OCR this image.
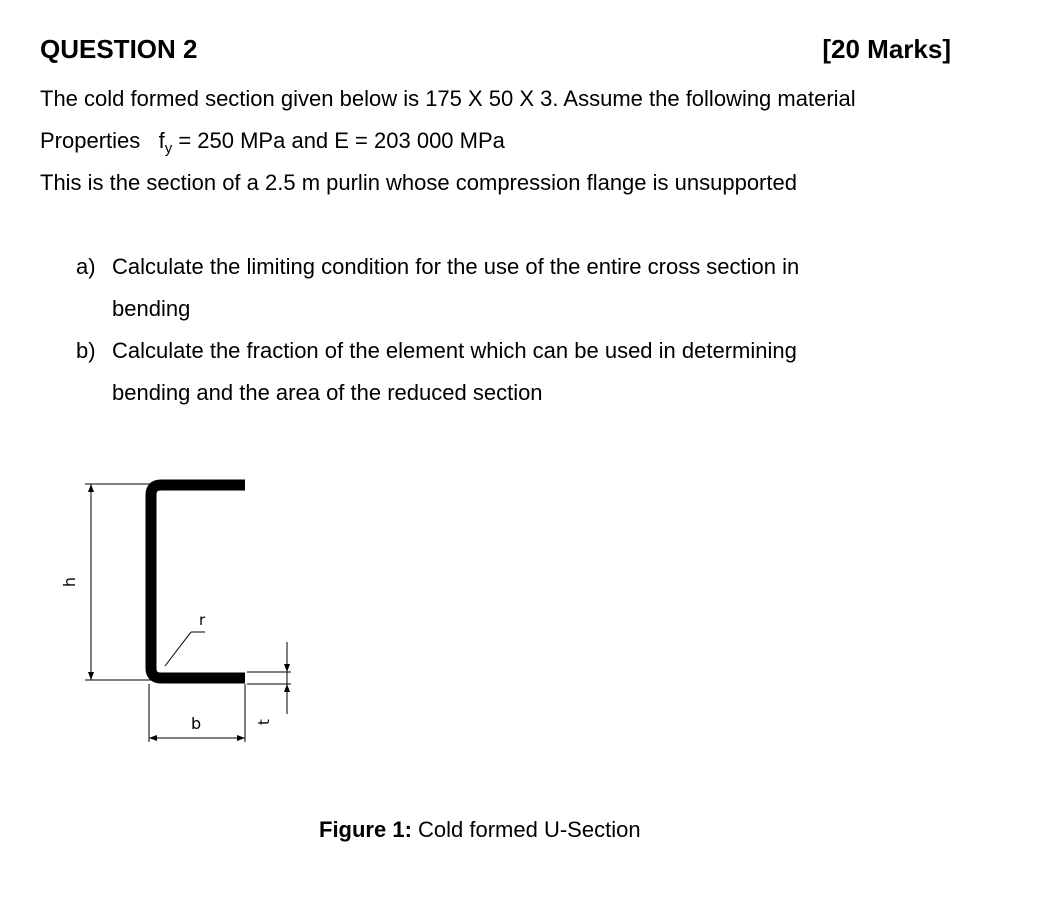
QUESTION 2	[20 Marks]
The cold formed section given below is 175 X 50 X 3. Assume the following material
Properties   $f_y = 250$ MPa and E = 203 000 MPa
This is the section of a 2.5 m purlin whose compression flange is unsupported
a) Calculate the limiting condition for the use of the entire cross section in
bending
b) Calculate the fraction of the element which can be used in determining
bending and the area of the reduced section
h
r
b	t
Figure 1: Cold formed U-Section
